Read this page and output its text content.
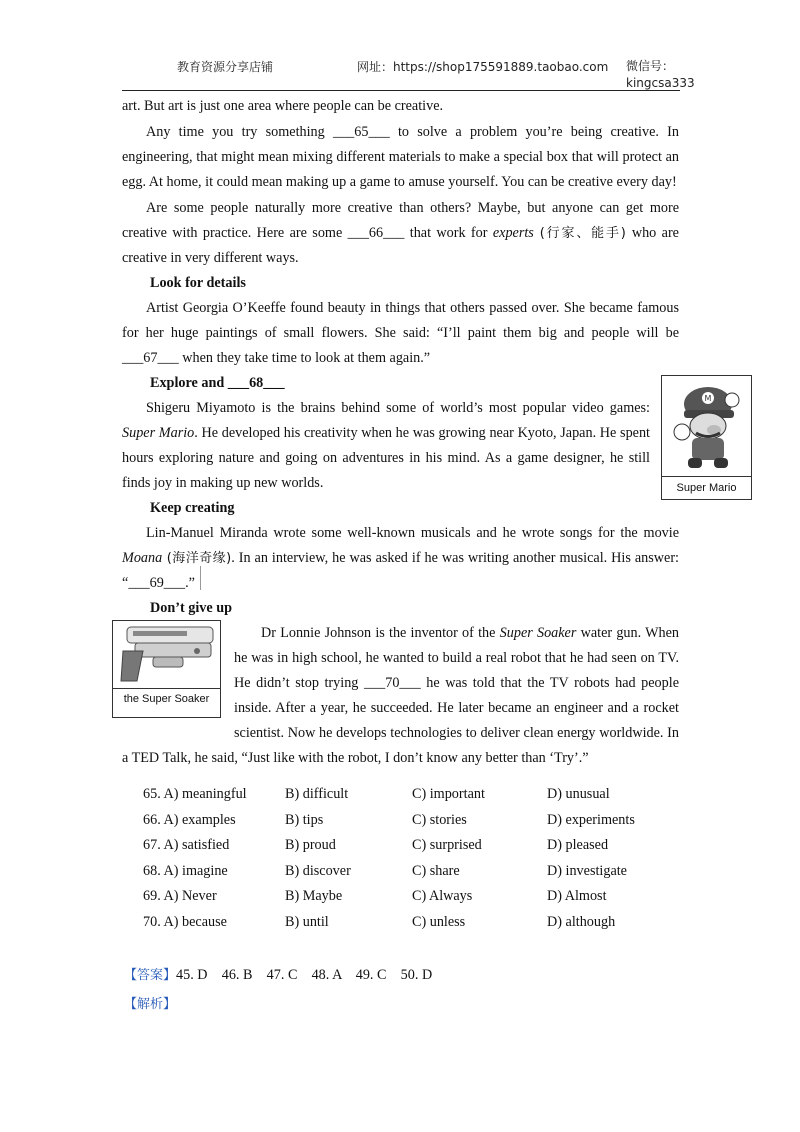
教育资源分享店铺	网址：https://shop175591889.taobao.com 微信号：
kingcsa333

art. But art is just one area where people can be creative.

Any time you try something ___65___ to solve a problem you’re being creative. In engineering, that might mean mixing different materials to make a special box that will protect an egg. At home, it could mean making up a game to amuse yourself. You can be creative every day!

Are some people naturally more creative than others? Maybe, but anyone can get more creative with practice. Here are some ___66___ that work for experts (行家、能手) who are creative in very different ways.

Look for details

Artist Georgia O’Keeffe found beauty in things that others passed over. She became famous for her huge paintings of small flowers. She said: “I’ll paint them big and people will be ___67___ when they take time to look at them again.”

Explore and ___68___

Shigeru Miyamoto is the brains behind some of world’s most popular video games: Super Mario. He developed his creativity when he was growing near Kyoto, Japan. He spent hours exploring nature and going on adventures in his mind. As a game designer, he still finds joy in making up new worlds.

Keep creating

Lin-Manuel Miranda wrote some well-known musicals and he wrote songs for the movie Moana (海洋奇缘). In an interview, he was asked if he was writing another musical. His answer: “___69___.”

Don’t give up

Dr Lonnie Johnson is the inventor of the Super Soaker water gun. When he was in high school, he wanted to build a real robot that he had seen on TV. He didn’t stop trying ___70___ he was told that the TV robots had people inside. After a year, he succeeded. He later became an engineer and a rocket scientist. Now he develops technologies to deliver clean energy worldwide. In a TED Talk, he said, “Just like with the robot, I don’t know any better than ‘Try’.”

M
Super Mario
the Super Soaker
65. A) meaningful	B) difficult	C) important	D) unusual
66. A) examples	B) tips	C) stories	D) experiments
67. A) satisfied	B) proud	C) surprised	D) pleased
68. A) imagine	B) discover	C) share	D) investigate
69. A) Never	B) Maybe	C) Always	D) Almost
70. A) because	B) until	C) unless	D) although
【答案】45. D    46. B    47. C    48. A    49. C    50. D
【解析】
